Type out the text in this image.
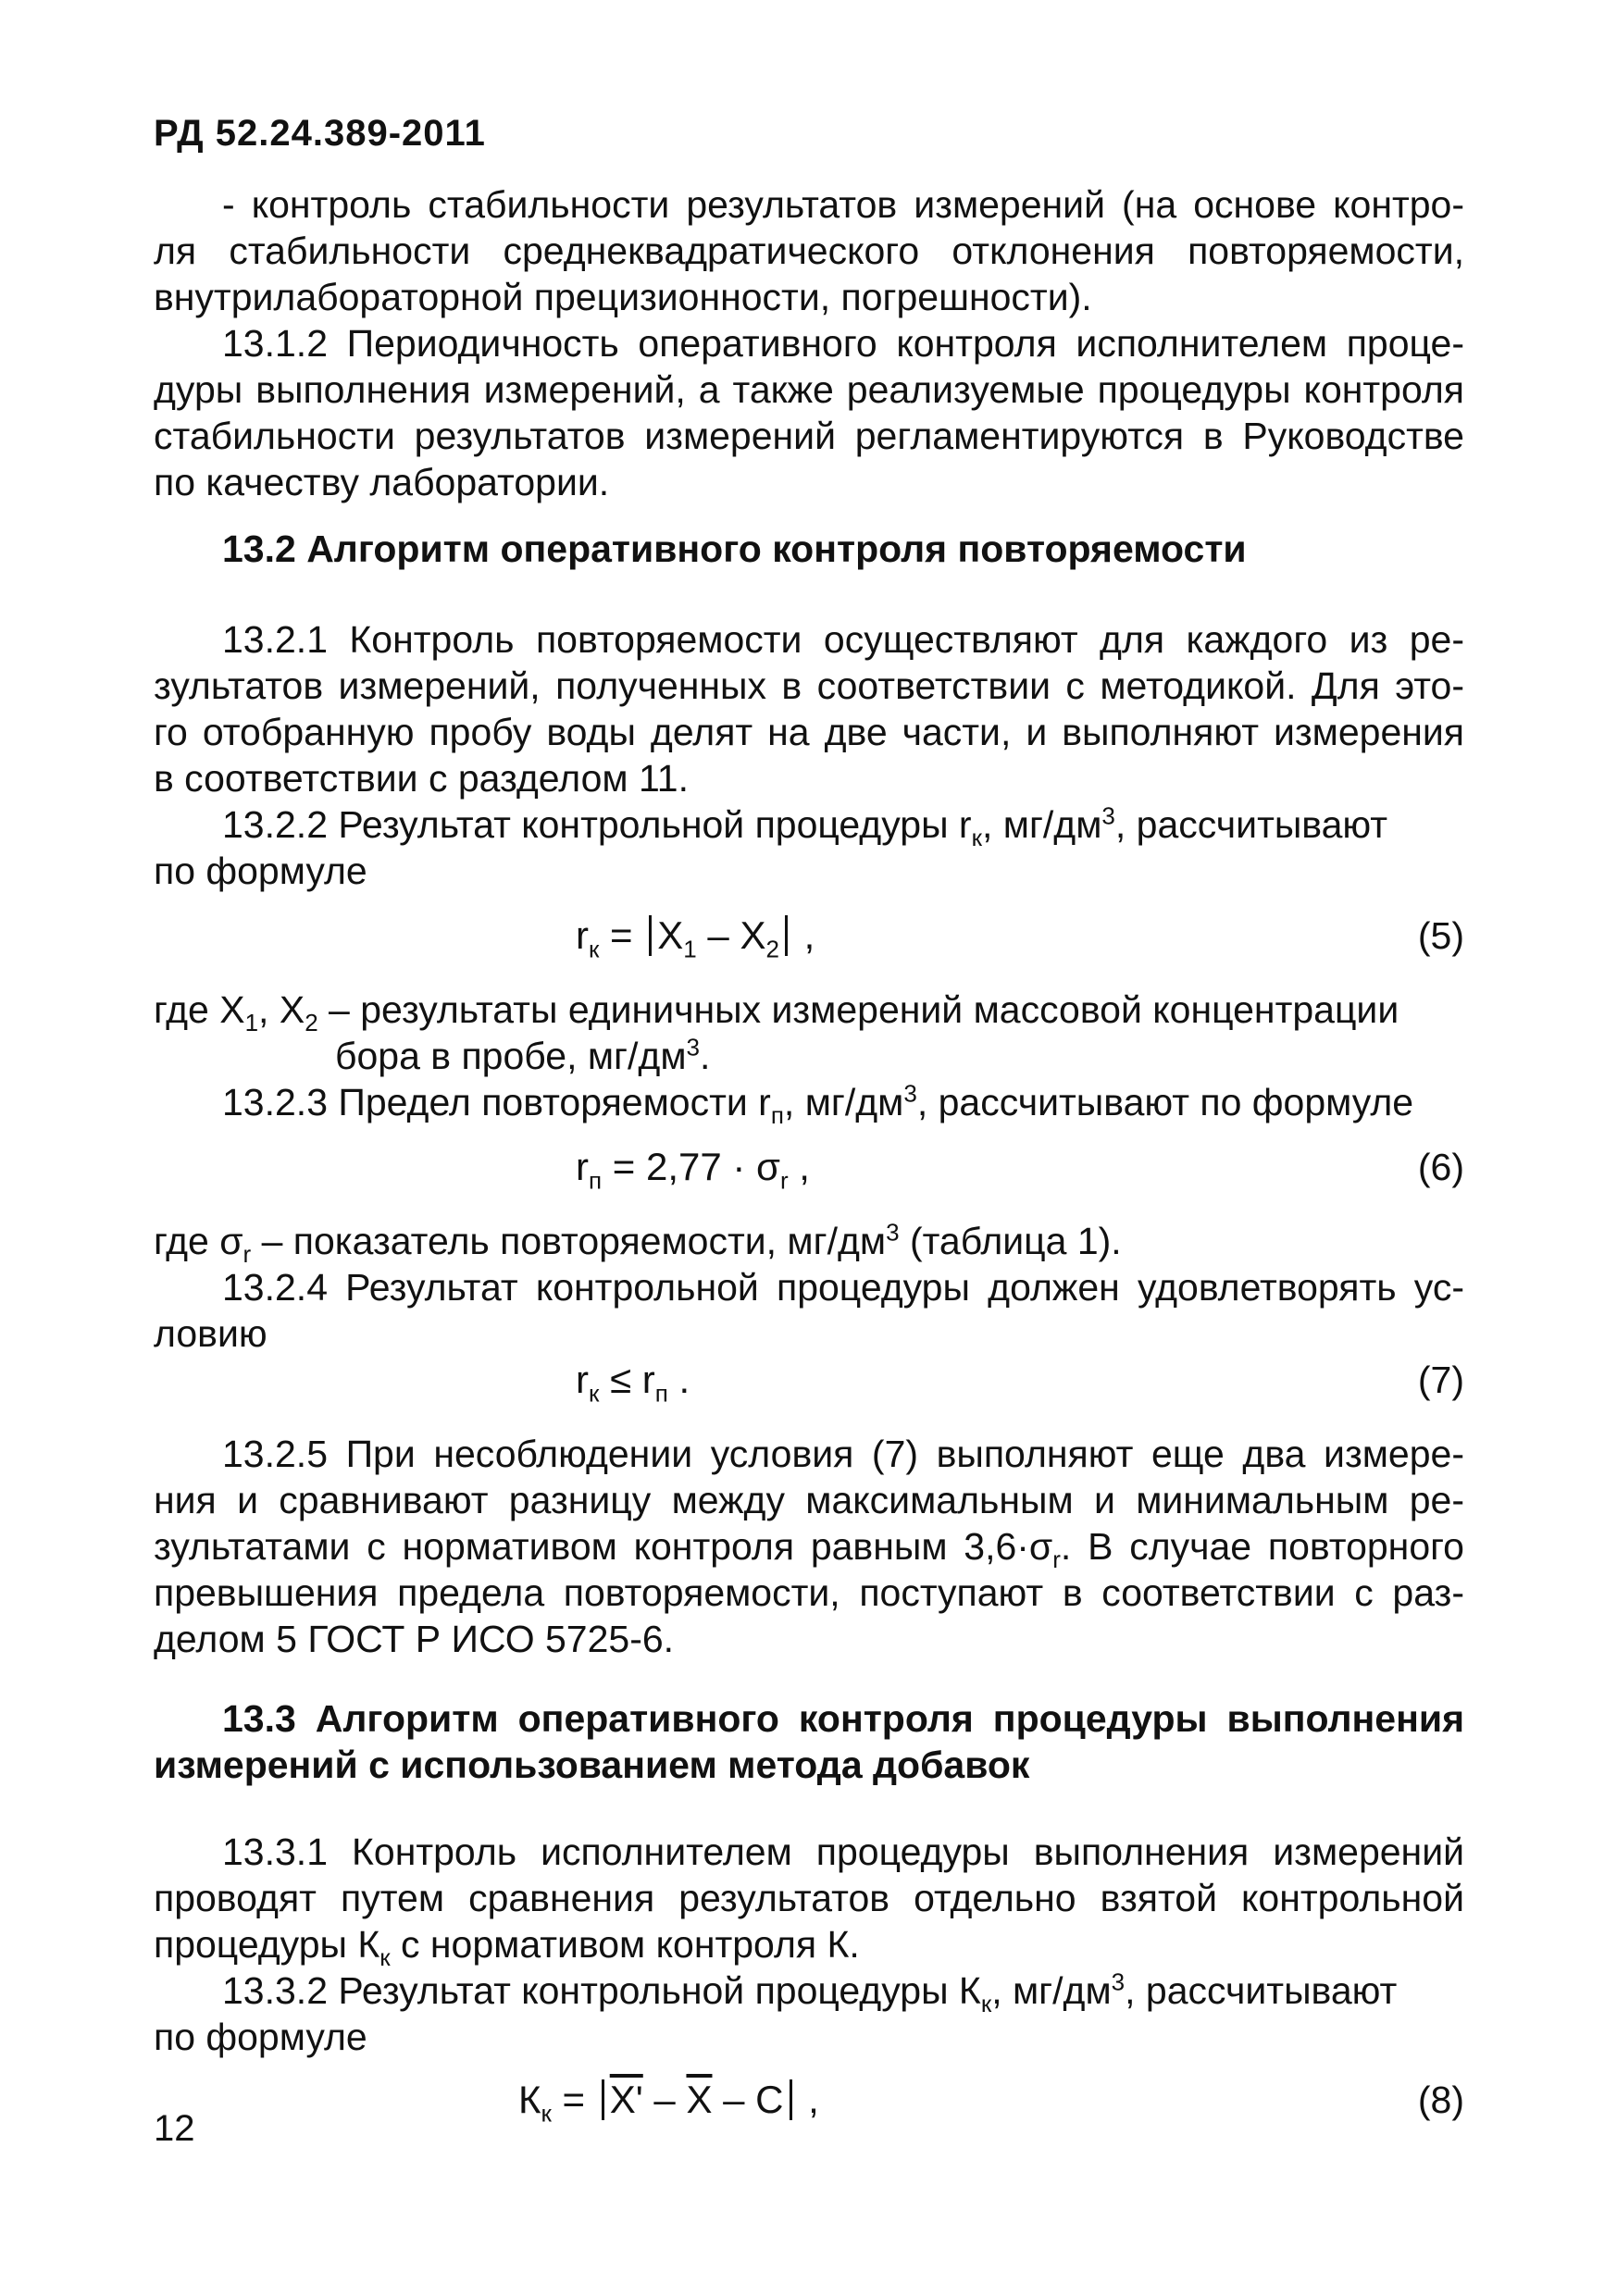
РД 52.24.389-2011
- контроль стабильности результатов измерений (на основе контро-
ля стабильности среднеквадратического отклонения повторяемости,
внутрилабораторной прецизионности, погрешности).
13.1.2 Периодичность оперативного контроля исполнителем проце-
дуры выполнения измерений, а также реализуемые процедуры контроля
стабильности результатов измерений регламентируются в Руководстве
по качеству лаборатории.
13.2 Алгоритм оперативного контроля повторяемости
13.2.1 Контроль повторяемости осуществляют для каждого из ре-
зультатов измерений, полученных в соответствии с методикой. Для это-
го отобранную пробу воды делят на две части, и выполняют измерения
в соответствии с разделом 11.
13.2.2 Результат контрольной процедуры $r_к$, $мг/дм^3$, рассчитывают
по формуле
$r_к = X_1 - X_2$ ,	(5)
где $X_1$, $X_2$ – результаты единичных измерений массовой концентрации
бора в пробе, $мг/дм^3$.
13.2.3 Предел повторяемости $r_п$, $мг/дм^3$, рассчитывают по формуле
$r_п = 2,77 \cdot \sigma_r$ ,	(6)
где $\sigma_r$ – показатель повторяемости, $мг/дм^3$ (таблица 1).
13.2.4 Результат контрольной процедуры должен удовлетворять ус-
ловию
$r_к \le r_п$ .	(7)
13.2.5 При несоблюдении условия (7) выполняют еще два измере-
ния и сравнивают разницу между максимальным и минимальным ре-
зультатами с нормативом контроля равным $3,6\cdot\sigma_r$. В случае повторного
превышения предела повторяемости, поступают в соответствии с раз-
делом 5 ГОСТ Р ИСО 5725-6.
13.3 Алгоритм оперативного контроля процедуры выполнения
измерений с использованием метода добавок
13.3.1 Контроль исполнителем процедуры выполнения измерений
проводят путем сравнения результатов отдельно взятой контрольной
процедуры $К_к$ с нормативом контроля К.
13.3.2 Результат контрольной процедуры $К_к$, $мг/дм^3$, рассчитывают
по формуле
$К_к = X' - \overline{X} - C$ ,	(8)
12
